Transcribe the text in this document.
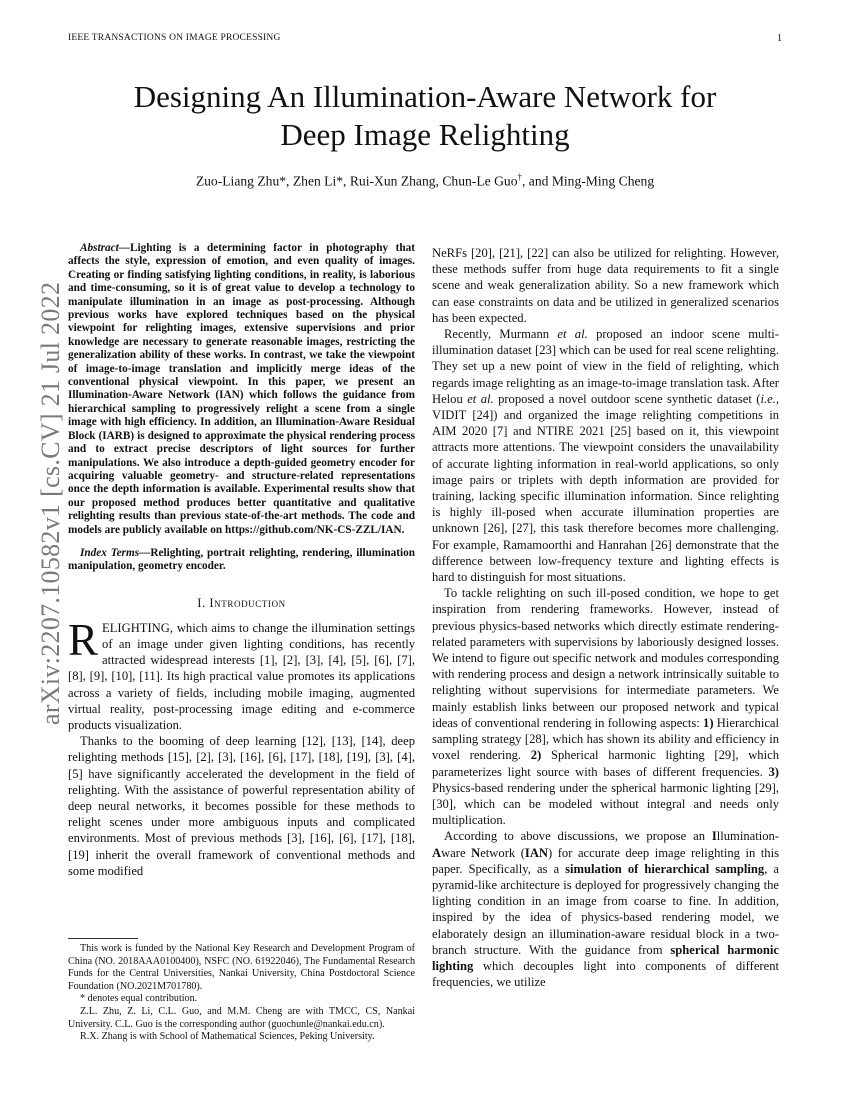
IEEE TRANSACTIONS ON IMAGE PROCESSING	1
arXiv:2207.10582v1 [cs.CV] 21 Jul 2022
Designing An Illumination-Aware Network for
Deep Image Relighting
Zuo-Liang Zhu*, Zhen Li*, Rui-Xun Zhang, Chun-Le Guo†, and Ming-Ming Cheng

Abstract—Lighting is a determining factor in photography that affects the style, expression of emotion, and even quality of images. Creating or finding satisfying lighting conditions, in reality, is laborious and time-consuming, so it is of great value to develop a technology to manipulate illumination in an image as post-processing. Although previous works have explored techniques based on the physical viewpoint for relighting images, extensive supervisions and prior knowledge are necessary to generate reasonable images, restricting the generalization ability of these works. In contrast, we take the viewpoint of image-to-image translation and implicitly merge ideas of the conventional physical viewpoint. In this paper, we present an Illumination-Aware Network (IAN) which follows the guidance from hierarchical sampling to progressively relight a scene from a single image with high efficiency. In addition, an Illumination-Aware Residual Block (IARB) is designed to approximate the physical rendering process and to extract precise descriptors of light sources for further manipulations. We also introduce a depth-guided geometry encoder for acquiring valuable geometry- and structure-related representations once the depth information is available. Experimental results show that our proposed method produces better quantitative and qualitative relighting results than previous state-of-the-art methods. The code and models are publicly available on https://github.com/NK-CS-ZZL/IAN.

Index Terms—Relighting, portrait relighting, rendering, illumination manipulation, geometry encoder.

I. Introduction

RELIGHTING, which aims to change the illumination settings of an image under given lighting conditions, has recently attracted widespread interests [1], [2], [3], [4], [5], [6], [7], [8], [9], [10], [11]. Its high practical value promotes its applications across a variety of fields, including mobile imaging, augmented virtual reality, post-processing image editing and e-commerce products visualization.

Thanks to the booming of deep learning [12], [13], [14], deep relighting methods [15], [2], [3], [16], [6], [17], [18], [19], [3], [4], [5] have significantly accelerated the development in the field of relighting. With the assistance of powerful representation ability of deep neural networks, it becomes possible for these methods to relight scenes under more ambiguous inputs and complicated environments. Most of previous methods [3], [16], [6], [17], [18], [19] inherit the overall framework of conventional methods and some modified

This work is funded by the National Key Research and Development Program of China (NO. 2018AAA0100400), NSFC (NO. 61922046), The Fundamental Research Funds for the Central Universities, Nankai University, China Postdoctoral Science Foundation (NO.2021M701780).

* denotes equal contribution.

Z.L. Zhu, Z. Li, C.L. Guo, and M.M. Cheng are with TMCC, CS, Nankai University. C.L. Guo is the corresponding author (guochunle@nankai.edu.cn).

R.X. Zhang is with School of Mathematical Sciences, Peking University.

NeRFs [20], [21], [22] can also be utilized for relighting. However, these methods suffer from huge data requirements to fit a single scene and weak generalization ability. So a new framework which can ease constraints on data and be utilized in generalized scenarios has been expected.

Recently, Murmann et al. proposed an indoor scene multi-illumination dataset [23] which can be used for real scene relighting. They set up a new point of view in the field of relighting, which regards image relighting as an image-to-image translation task. After Helou et al. proposed a novel outdoor scene synthetic dataset (i.e., VIDIT [24]) and organized the image relighting competitions in AIM 2020 [7] and NTIRE 2021 [25] based on it, this viewpoint attracts more attentions. The viewpoint considers the unavailability of accurate lighting information in real-world applications, so only image pairs or triplets with depth information are provided for training, lacking specific illumination information. Since relighting is highly ill-posed when accurate illumination properties are unknown [26], [27], this task therefore becomes more challenging. For example, Ramamoorthi and Hanrahan [26] demonstrate that the difference between low-frequency texture and lighting effects is hard to distinguish for most situations.

To tackle relighting on such ill-posed condition, we hope to get inspiration from rendering frameworks. However, instead of previous physics-based networks which directly estimate rendering-related parameters with supervisions by laboriously designed losses. We intend to figure out specific network and modules corresponding with rendering process and design a network intrinsically suitable to relighting without supervisions for intermediate parameters. We mainly establish links between our proposed network and typical ideas of conventional rendering in following aspects: 1) Hierarchical sampling strategy [28], which has shown its ability and efficiency in voxel rendering. 2) Spherical harmonic lighting [29], which parameterizes light source with bases of different frequencies. 3) Physics-based rendering under the spherical harmonic lighting [29], [30], which can be modeled without integral and needs only multiplication.

According to above discussions, we propose an Illumination-Aware Network (IAN) for accurate deep image relighting in this paper. Specifically, as a simulation of hierarchical sampling, a pyramid-like architecture is deployed for progressively changing the lighting condition in an image from coarse to fine. In addition, inspired by the idea of physics-based rendering model, we elaborately design an illumination-aware residual block in a two-branch structure. With the guidance from spherical harmonic lighting which decouples light into components of different frequencies, we utilize
